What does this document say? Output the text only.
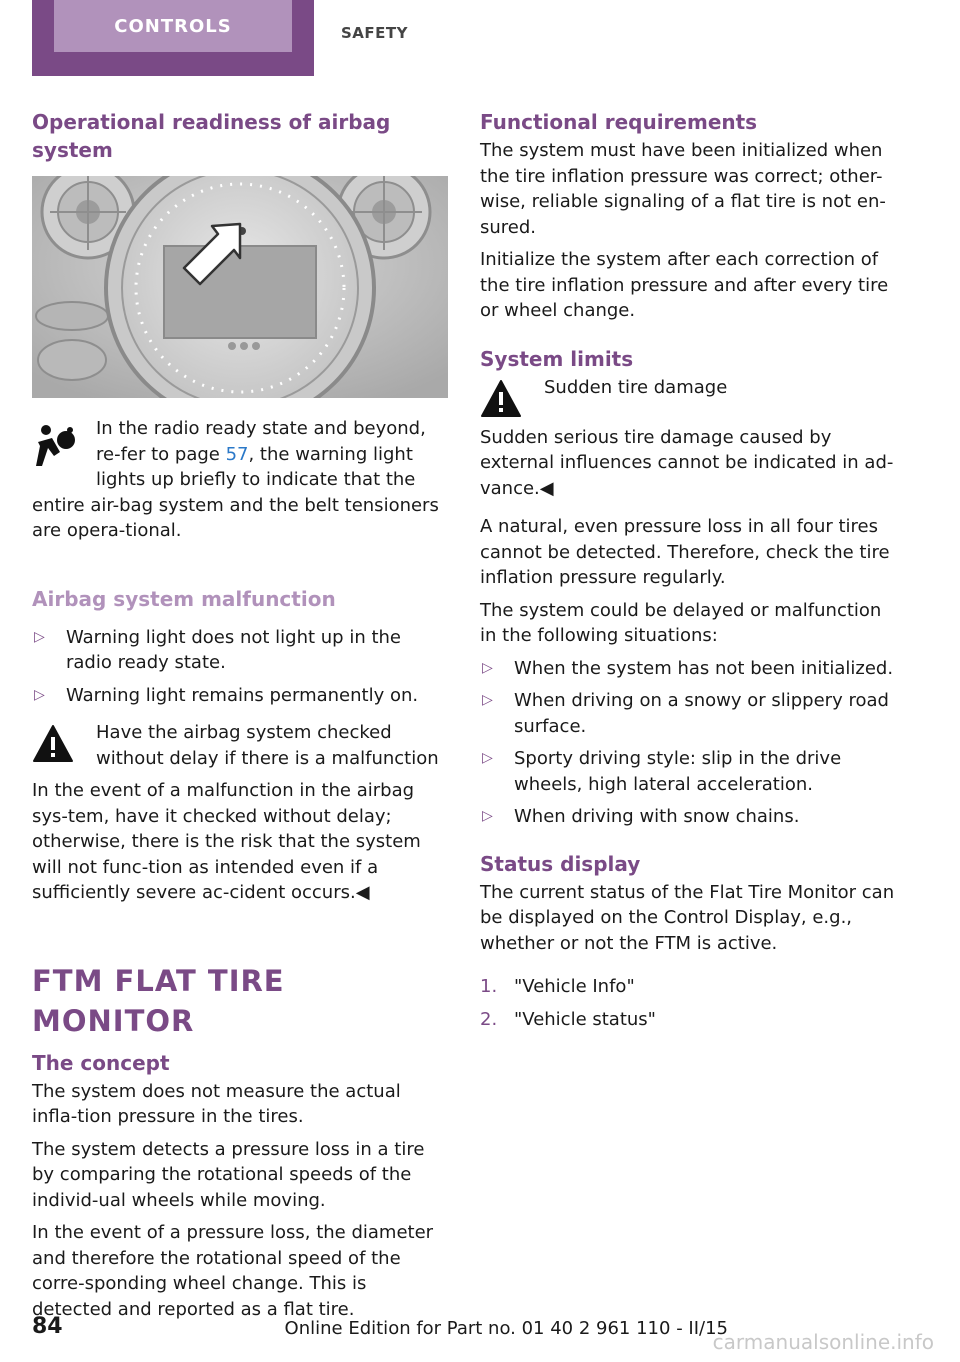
CONTROLS	SAFETY
Operational readiness of airbag system

In the radio ready state and beyond, re-fer to page 57, the warning light lights up briefly to indicate that the entire air-bag system and the belt tensioners are opera-tional.

Airbag system malfunction
▷ Warning light does not light up in the radio ready state.
▷ Warning light remains permanently on.

Have the airbag system checked without delay if there is a malfunction

In the event of a malfunction in the airbag sys-tem, have it checked without delay; otherwise, there is the risk that the system will not func-tion as intended even if a sufficiently severe ac-cident occurs.◀

FTM FLAT TIRE MONITOR
The concept

The system does not measure the actual infla-tion pressure in the tires.

The system detects a pressure loss in a tire by comparing the rotational speeds of the individ-ual wheels while moving.

In the event of a pressure loss, the diameter and therefore the rotational speed of the corre-sponding wheel change. This is detected and reported as a flat tire.

Functional requirements

The system must have been initialized when the tire inflation pressure was correct; other-wise, reliable signaling of a flat tire is not en-sured.

Initialize the system after each correction of the tire inflation pressure and after every tire or wheel change.

System limits

Sudden tire damage

Sudden serious tire damage caused by external influences cannot be indicated in ad-vance.◀

A natural, even pressure loss in all four tires cannot be detected. Therefore, check the tire inflation pressure regularly.

The system could be delayed or malfunction in the following situations:

▷ When the system has not been initialized.
▷ When driving on a snowy or slippery road surface.
▷ Sporty driving style: slip in the drive wheels, high lateral acceleration.
▷ When driving with snow chains.
Status display

The current status of the Flat Tire Monitor can be displayed on the Control Display, e.g., whether or not the FTM is active.

1. "Vehicle Info"
2. "Vehicle status"
84	Online Edition for Part no. 01 40 2 961 110 - II/15
carmanualsonline.info
